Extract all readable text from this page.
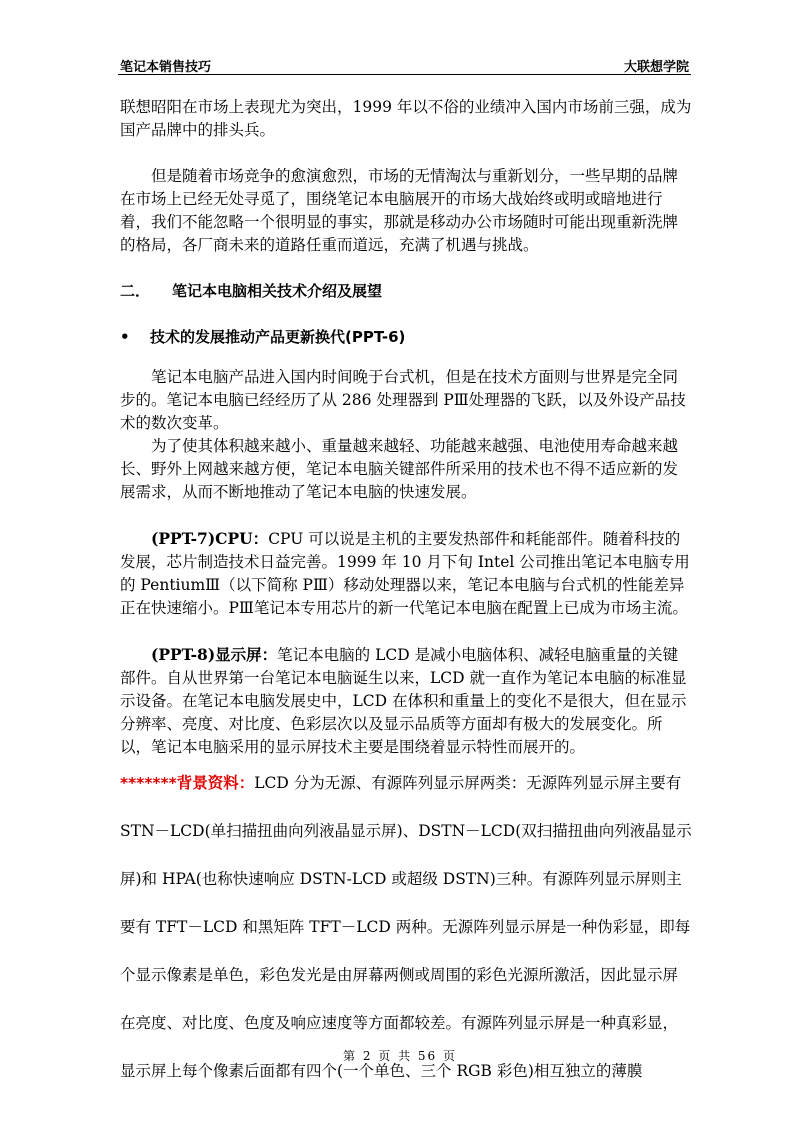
笔记本销售技巧	大联想学院

联想昭阳在市场上表现尤为突出，1999 年以不俗的业绩冲入国内市场前三强，成为国产品牌中的排头兵。

但是随着市场竞争的愈演愈烈，市场的无情淘汰与重新划分，一些早期的品牌在市场上已经无处寻觅了，围绕笔记本电脑展开的市场大战始终或明或暗地进行着，我们不能忽略一个很明显的事实，那就是移动办公市场随时可能出现重新洗牌的格局，各厂商未来的道路任重而道远，充满了机遇与挑战。

二． 笔记本电脑相关技术介绍及展望

• 技术的发展推动产品更新换代(PPT-6)

笔记本电脑产品进入国内时间晚于台式机，但是在技术方面则与世界是完全同步的。笔记本电脑已经经历了从 286 处理器到 PⅢ处理器的飞跃，以及外设产品技术的数次变革。

为了使其体积越来越小、重量越来越轻、功能越来越强、电池使用寿命越来越长、野外上网越来越方便，笔记本电脑关键部件所采用的技术也不得不适应新的发展需求，从而不断地推动了笔记本电脑的快速发展。

(PPT-7)CPU：CPU 可以说是主机的主要发热部件和耗能部件。随着科技的发展，芯片制造技术日益完善。1999 年 10 月下旬 Intel 公司推出笔记本电脑专用的 PentiumⅢ（以下简称 PⅢ）移动处理器以来，笔记本电脑与台式机的性能差异正在快速缩小。PⅢ笔记本专用芯片的新一代笔记本电脑在配置上已成为市场主流。

(PPT-8)显示屏：笔记本电脑的 LCD 是减小电脑体积、减轻电脑重量的关键部件。自从世界第一台笔记本电脑诞生以来，LCD 就一直作为笔记本电脑的标准显示设备。在笔记本电脑发展史中，LCD 在体积和重量上的变化不是很大，但在显示分辨率、亮度、对比度、色彩层次以及显示品质等方面却有极大的发展变化。所以，笔记本电脑采用的显示屏技术主要是围绕着显示特性而展开的。

*******背景资料：LCD 分为无源、有源阵列显示屏两类：无源阵列显示屏主要有 STN－LCD(单扫描扭曲向列液晶显示屏)、DSTN－LCD(双扫描扭曲向列液晶显示屏)和 HPA(也称快速响应 DSTN-LCD 或超级 DSTN)三种。有源阵列显示屏则主要有 TFT－LCD 和黑矩阵 TFT－LCD 两种。无源阵列显示屏是一种伪彩显，即每个显示像素是单色，彩色发光是由屏幕两侧或周围的彩色光源所激活，因此显示屏在亮度、对比度、色度及响应速度等方面都较差。有源阵列显示屏是一种真彩显，显示屏上每个像素后面都有四个(一个单色、三个 RGB 彩色)相互独立的薄膜

第 2 页 共 56 页
